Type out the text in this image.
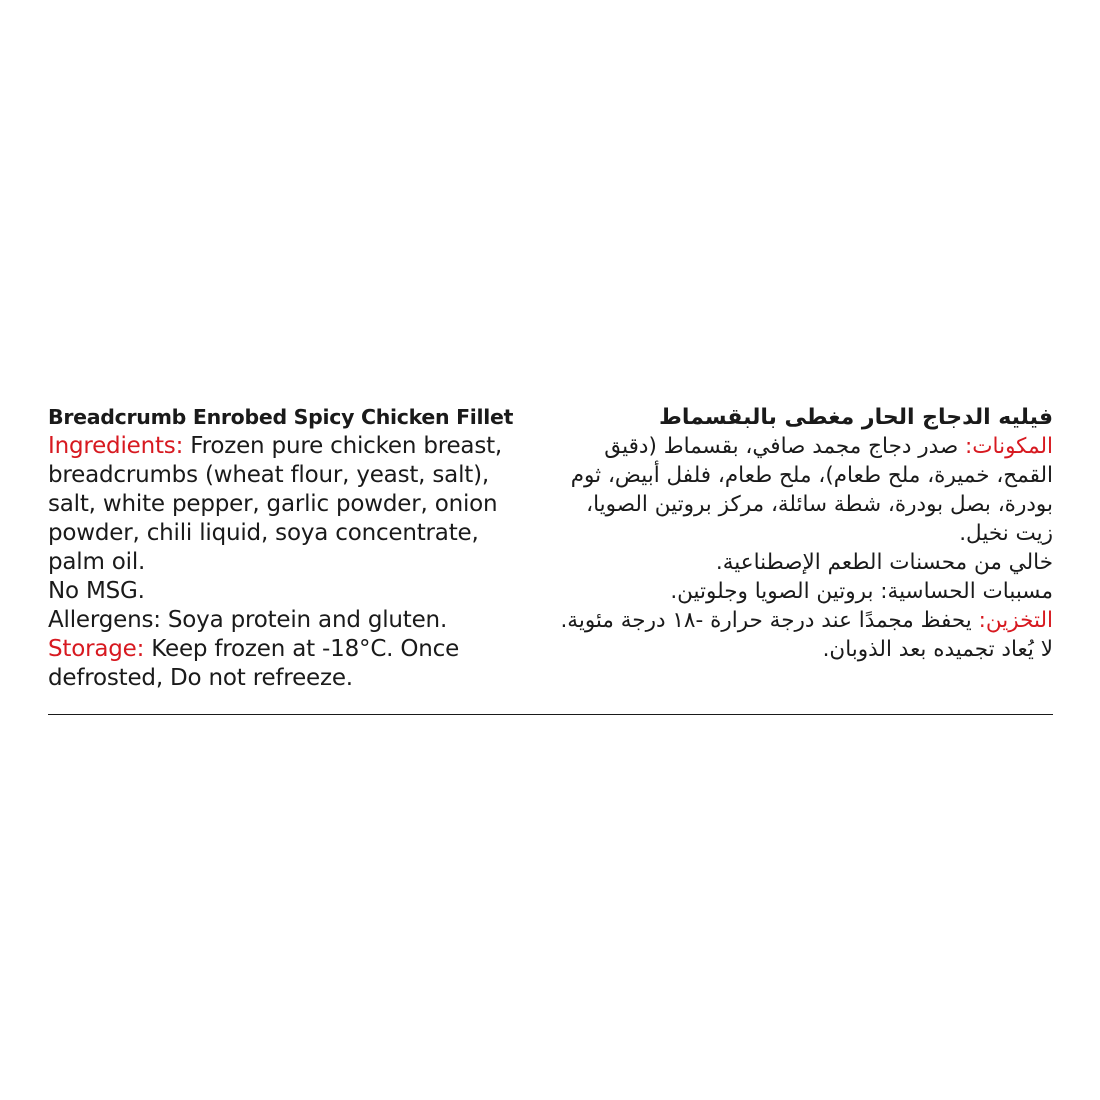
Breadcrumb Enrobed Spicy Chicken Fillet

Ingredients: Frozen pure chicken breast, breadcrumbs (wheat flour, yeast, salt), salt, white pepper, garlic powder, onion powder, chili liquid, soya concentrate, palm oil.

No MSG.

Allergens: Soya protein and gluten.

Storage: Keep frozen at -18°C. Once defrosted, Do not refreeze.

فيليه الدجاج الحار مغطى بالبقسماط

المكونات: صدر دجاج مجمد صافي، بقسماط (دقيق القمح، خميرة، ملح طعام)، ملح طعام، فلفل أبيض، ثوم بودرة، بصل بودرة، شطة سائلة، مركز بروتين الصويا، زيت نخيل.

خالي من محسنات الطعم الإصطناعية.

مسببات الحساسية: بروتين الصويا وجلوتين.

التخزين: يحفظ مجمدًا عند درجة حرارة -١٨ درجة مئوية. لا يُعاد تجميده بعد الذوبان.
